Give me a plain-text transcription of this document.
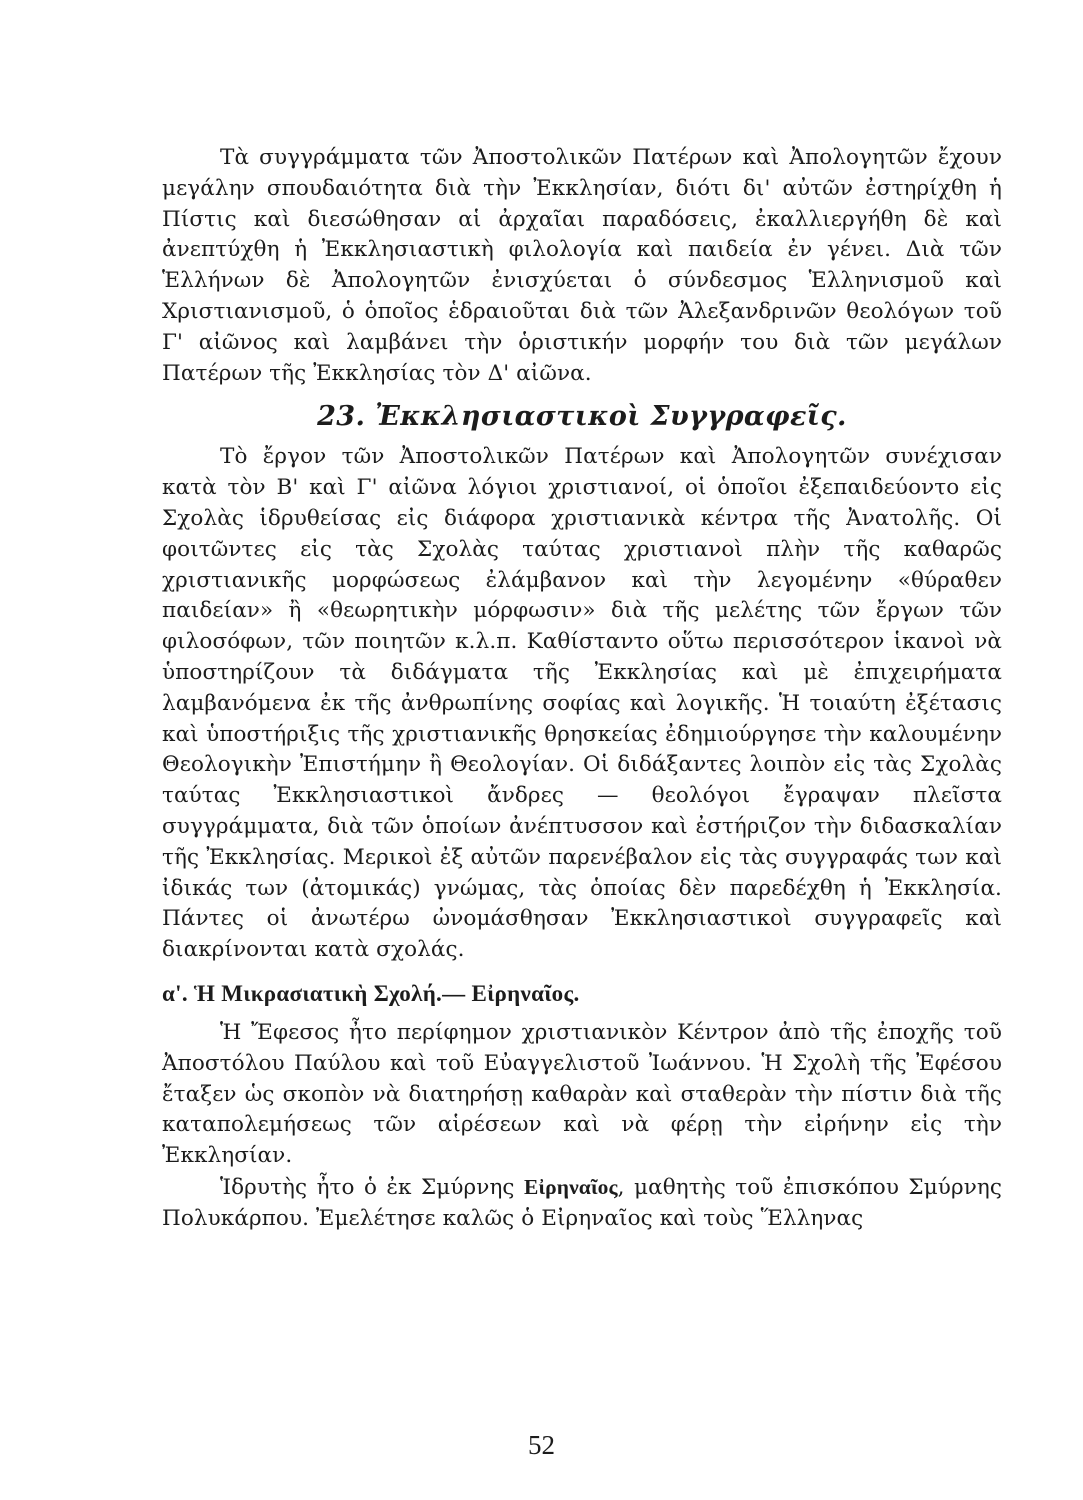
Τὰ συγγράμματα τῶν Ἀποστολικῶν Πατέρων καὶ Ἀπολογητῶν ἔχουν μεγάλην σπουδαιότητα διὰ τὴν Ἐκκλησίαν, διότι δι' αὐτῶν ἐστηρίχθη ἡ Πίστις καὶ διεσώθησαν αἱ ἀρχαῖαι παραδόσεις, ἐκαλλιεργήθη δὲ καὶ ἀνεπτύχθη ἡ Ἐκκλησιαστικὴ φιλολογία καὶ παιδεία ἐν γένει. Διὰ τῶν Ἑλλήνων δὲ Ἀπολογητῶν ἐνισχύεται ὁ σύνδεσμος Ἑλληνισμοῦ καὶ Χριστιανισμοῦ, ὁ ὁποῖος ἑδραιοῦται διὰ τῶν Ἀλεξανδρινῶν θεολόγων τοῦ Γ' αἰῶνος καὶ λαμβάνει τὴν ὁριστικήν μορφήν του διὰ τῶν μεγάλων Πατέρων τῆς Ἐκκλησίας τὸν Δ' αἰῶνα.

23. Ἐκκλησιαστικοὶ Συγγραφεῖς.

Τὸ ἔργον τῶν Ἀποστολικῶν Πατέρων καὶ Ἀπολογητῶν συνέχισαν κατὰ τὸν Β' καὶ Γ' αἰῶνα λόγιοι χριστιανοί, οἱ ὁποῖοι ἐξεπαιδεύοντο εἰς Σχολὰς ἱδρυθείσας εἰς διάφορα χριστιανικὰ κέντρα τῆς Ἀνατολῆς. Οἱ φοιτῶντες εἰς τὰς Σχολὰς ταύτας χριστιανοὶ πλὴν τῆς καθαρῶς χριστιανικῆς μορφώσεως ἐλάμβανον καὶ τὴν λεγομένην «θύραθεν παιδείαν» ἢ «θεωρητικὴν μόρφωσιν» διὰ τῆς μελέτης τῶν ἔργων τῶν φιλοσόφων, τῶν ποιητῶν κ.λ.π. Καθίσταντο οὕτω περισσότερον ἱκανοὶ νὰ ὑποστηρίζουν τὰ διδάγματα τῆς Ἐκκλησίας καὶ μὲ ἐπιχειρήματα λαμβανόμενα ἐκ τῆς ἀνθρωπίνης σοφίας καὶ λογικῆς. Ἡ τοιαύτη ἐξέτασις καὶ ὑποστήριξις τῆς χριστιανικῆς θρησκείας ἐδημιούργησε τὴν καλουμένην Θεολογικὴν Ἐπιστήμην ἢ Θεολογίαν. Οἱ διδάξαντες λοιπὸν εἰς τὰς Σχολὰς ταύτας Ἐκκλησιαστικοὶ ἄνδρες — θεολόγοι ἔγραψαν πλεῖστα συγγράμματα, διὰ τῶν ὁποίων ἀνέπτυσσον καὶ ἐστήριζον τὴν διδασκαλίαν τῆς Ἐκκλησίας. Μερικοὶ ἐξ αὐτῶν παρενέβαλον εἰς τὰς συγγραφάς των καὶ ἰδικάς των (ἀτομικάς) γνώμας, τὰς ὁποίας δὲν παρεδέχθη ἡ Ἐκκλησία. Πάντες οἱ ἀνωτέρω ὠνομάσθησαν Ἐκκλησιαστικοὶ συγγραφεῖς καὶ διακρίνονται κατὰ σχολάς.

α'. Ἡ Μικρασιατικὴ Σχολή.— Εἰρηναῖος.

Ἡ Ἔφεσος ἦτο περίφημον χριστιανικὸν Κέντρον ἀπὸ τῆς ἐποχῆς τοῦ Ἀποστόλου Παύλου καὶ τοῦ Εὐαγγελιστοῦ Ἰωάννου. Ἡ Σχολὴ τῆς Ἐφέσου ἔταξεν ὡς σκοπὸν νὰ διατηρήσῃ καθαρὰν καὶ σταθερὰν τὴν πίστιν διὰ τῆς καταπολεμήσεως τῶν αἱρέσεων καὶ νὰ φέρῃ τὴν εἰρήνην εἰς τὴν Ἐκκλησίαν.

Ἱδρυτὴς ἦτο ὁ ἐκ Σμύρνης Εἰρηναῖος, μαθητὴς τοῦ ἐπισκόπου Σμύρνης Πολυκάρπου. Ἐμελέτησε καλῶς ὁ Εἰρηναῖος καὶ τοὺς Ἕλληνας

52
